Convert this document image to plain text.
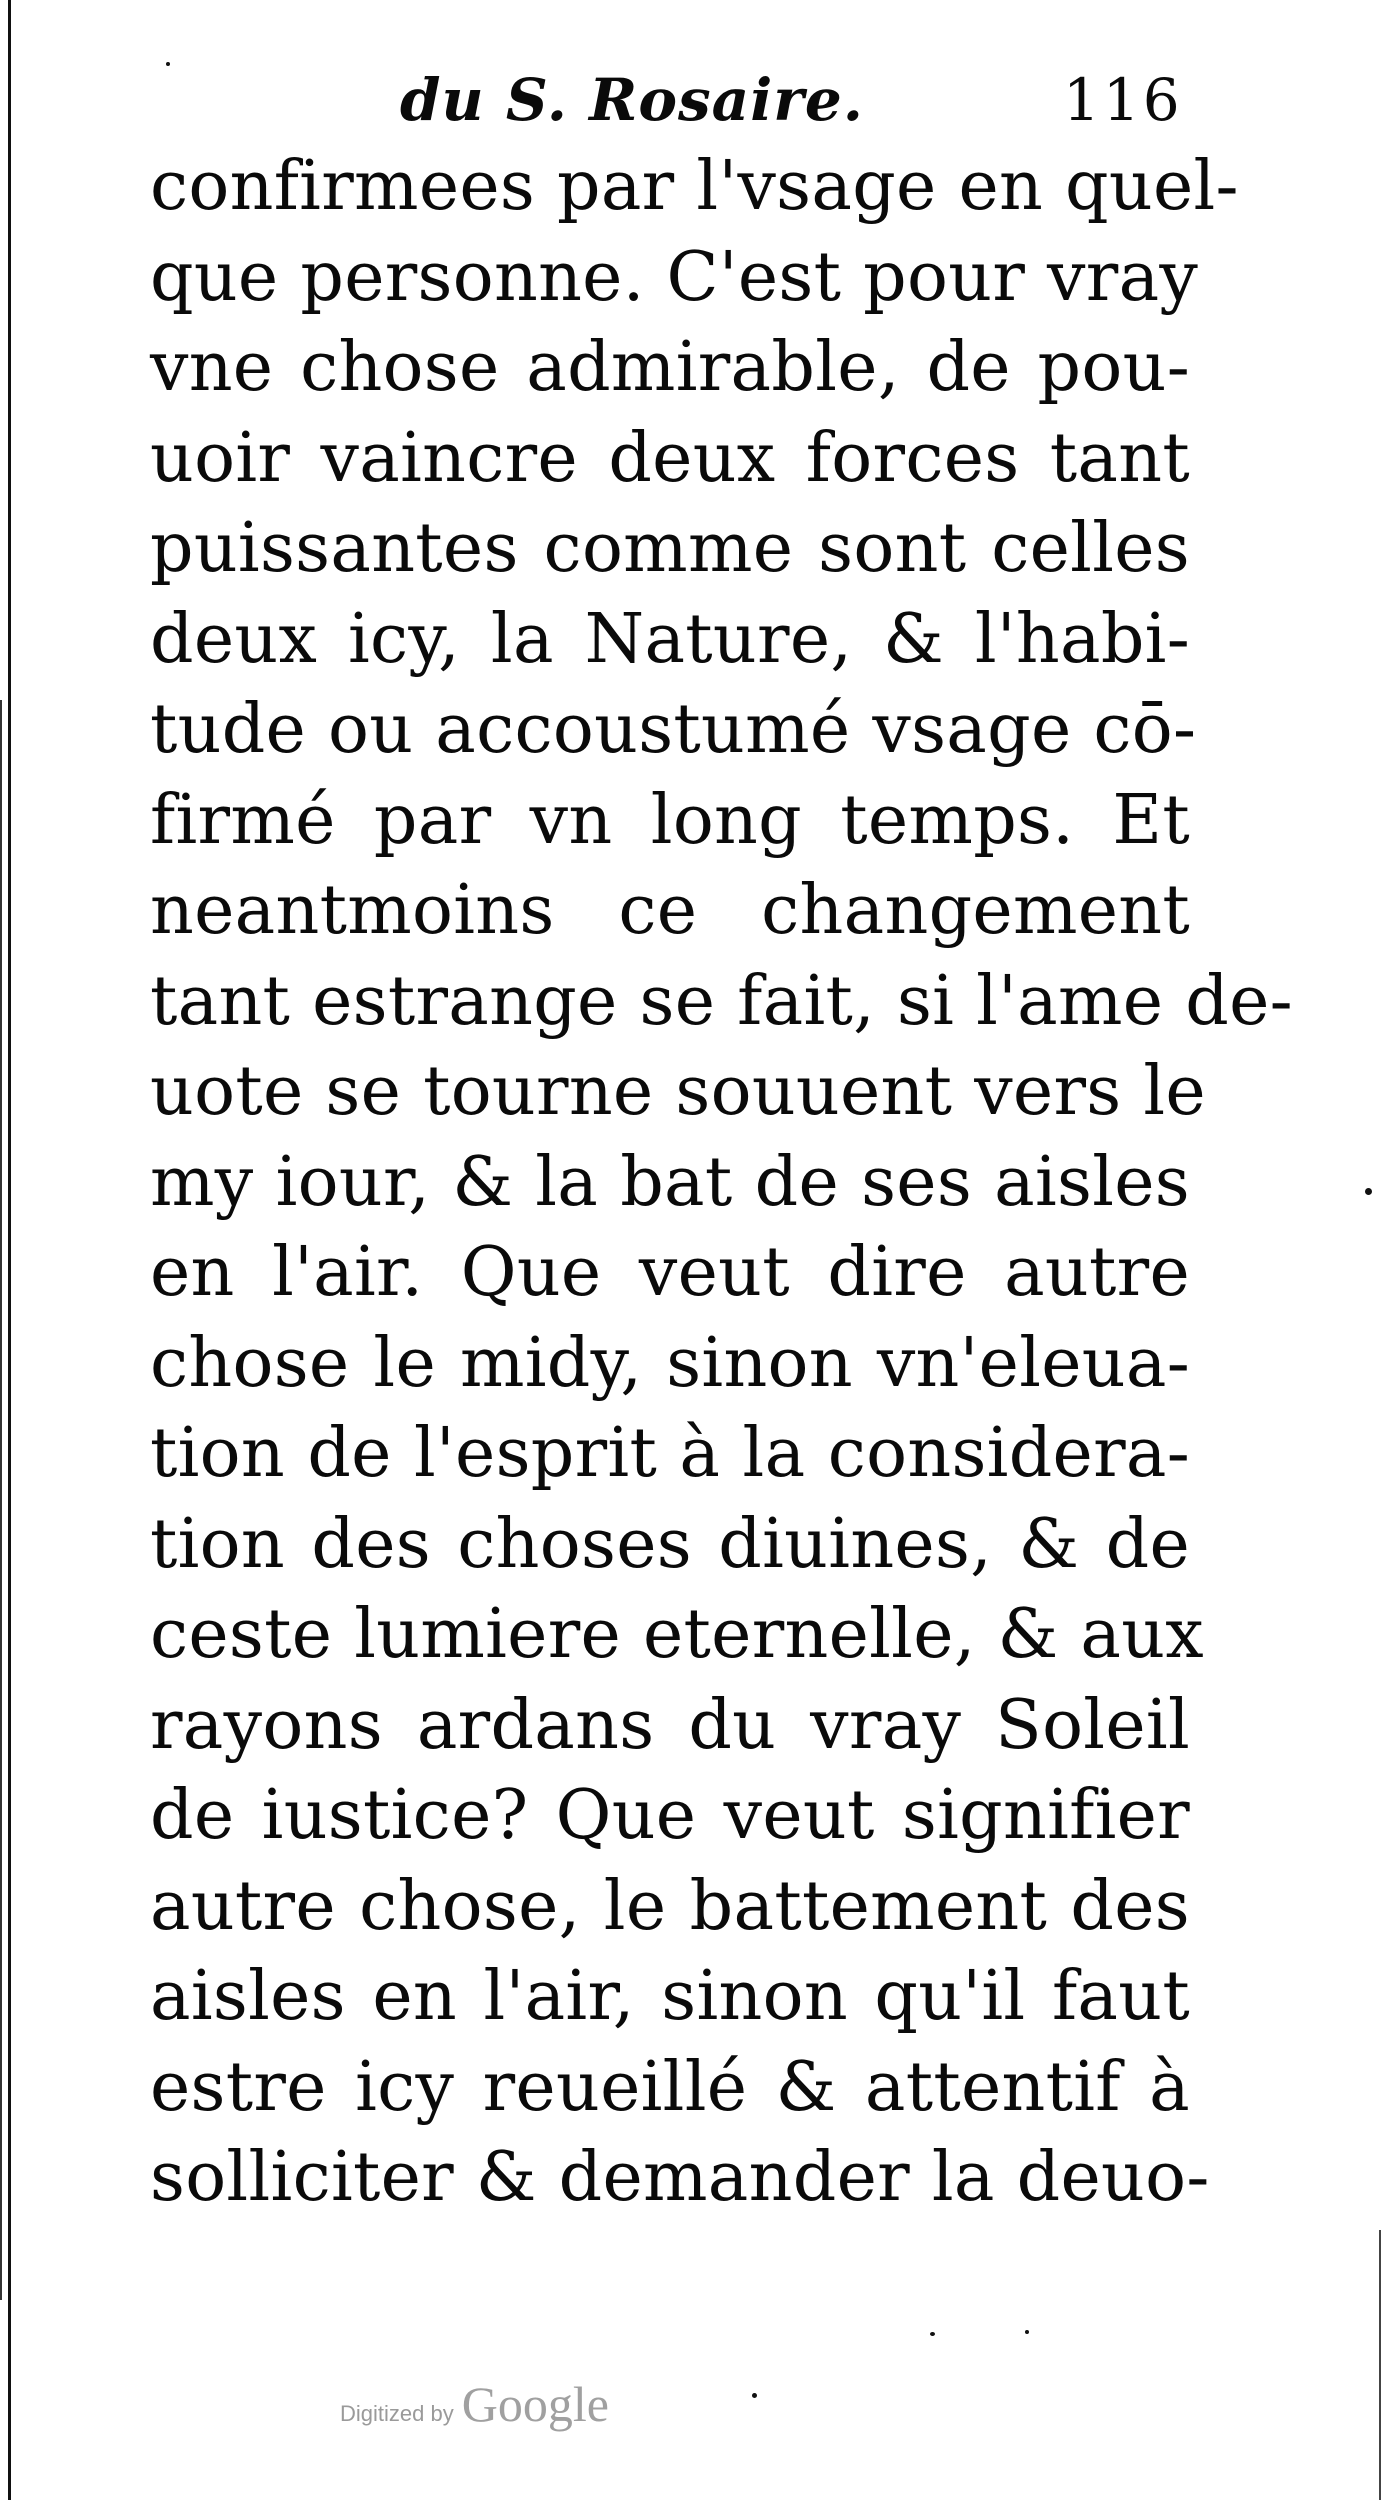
du S. Rosaire.	116
confirmees par l'vsage en quel-
que personne. C'est pour vray
vne chose admirable, de pou-
uoir vaincre deux forces tant
puissantes comme sont celles
deux icy, la Nature, & l'habi-
tude ou accoustumé vsage cō-
firmé par vn long temps. Et
neantmoins ce changement
tant estrange se fait, si l'ame de-
uote se tourne souuent vers le
my iour, & la bat de ses aisles
en l'air. Que veut dire autre
chose le midy, sinon vn'eleua-
tion de l'esprit à la considera-
tion des choses diuines, & de
ceste lumiere eternelle, & aux
rayons ardans du vray Soleil
de iustice? Que veut signifier
autre chose, le battement des
aisles en l'air, sinon qu'il faut
estre icy reueillé & attentif à
solliciter & demander la deuo-
Digitized by Google
